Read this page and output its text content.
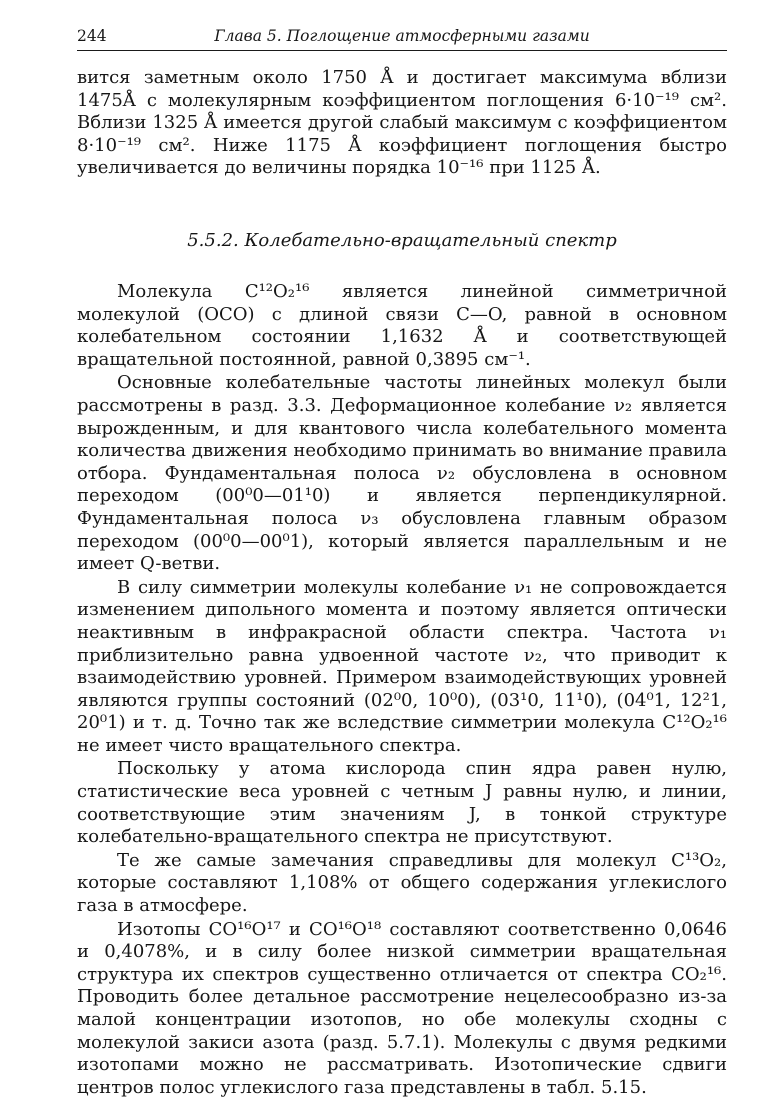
244	Глава 5. Поглощение атмосферными газами

вится заметным около 1750 Å и достигает максимума вблизи 1475Å с молекулярным коэффициентом поглощения 6·10⁻¹⁹ см². Вблизи 1325 Å имеется другой слабый максимум с коэффициентом 8·10⁻¹⁹ см². Ниже 1175 Å коэффициент поглощения быстро увеличивается до величины порядка 10⁻¹⁶ при 1125 Å.

5.5.2. Колебательно-вращательный спектр

Молекула C¹²O₂¹⁶ является линейной симметричной молекулой (OCO) с длиной связи C—O, равной в основном колебательном состоянии 1,1632 Å и соответствующей вращательной постоянной, равной 0,3895 см⁻¹.

Основные колебательные частоты линейных молекул были рассмотрены в разд. 3.3. Деформационное колебание ν₂ является вырожденным, и для квантового числа колебательного момента количества движения необходимо принимать во внимание правила отбора. Фундаментальная полоса ν₂ обусловлена в основном переходом (00⁰0—01¹0) и является перпендикулярной. Фундаментальная полоса ν₃ обусловлена главным образом переходом (00⁰0—00⁰1), который является параллельным и не имеет Q-ветви.

В силу симметрии молекулы колебание ν₁ не сопровождается изменением дипольного момента и поэтому является оптически неактивным в инфракрасной области спектра. Частота ν₁ приблизительно равна удвоенной частоте ν₂, что приводит к взаимодействию уровней. Примером взаимодействующих уровней являются группы состояний (02⁰0, 10⁰0), (03¹0, 11¹0), (04⁰1, 12²1, 20⁰1) и т. д. Точно так же вследствие симметрии молекула C¹²O₂¹⁶ не имеет чисто вращательного спектра.

Поскольку у атома кислорода спин ядра равен нулю, статистические веса уровней с четным J равны нулю, и линии, соответствующие этим значениям J, в тонкой структуре колебательно-вращательного спектра не присутствуют.

Те же самые замечания справедливы для молекул C¹³O₂, которые составляют 1,108% от общего содержания углекислого газа в атмосфере.

Изотопы CO¹⁶O¹⁷ и CO¹⁶O¹⁸ составляют соответственно 0,0646 и 0,4078%, и в силу более низкой симметрии вращательная структура их спектров существенно отличается от спектра CO₂¹⁶. Проводить более детальное рассмотрение нецелесообразно из-за малой концентрации изотопов, но обе молекулы сходны с молекулой закиси азота (разд. 5.7.1). Молекулы с двумя редкими изотопами можно не рассматривать. Изотопические сдвиги центров полос углекислого газа представлены в табл. 5.15.
